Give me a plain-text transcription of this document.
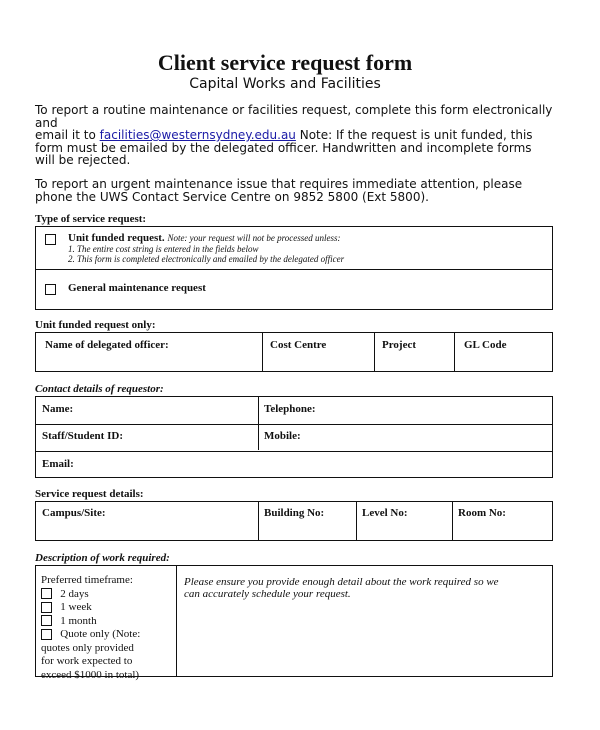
Client service request form
Capital Works and Facilities
To report a routine maintenance or facilities request, complete this form electronically and
email it to facilities@westernsydney.edu.au Note: If the request is unit funded, this form must be emailed by the delegated officer. Handwritten and incomplete forms will be rejected.
To report an urgent maintenance issue that requires immediate attention, please phone the UWS Contact Service Centre on 9852 5800 (Ext 5800).
Type of service request:
Unit funded request. Note: your request will not be processed unless:
1. The entire cost string is entered in the fields below
2. This form is completed electronically and emailed by the delegated officer
General maintenance request
Unit funded request only:
Name of delegated officer:	Cost Centre	Project	GL Code
Contact details of requestor:
Name:	Telephone:
Staff/Student ID:	Mobile:
Email:
Service request details:
Campus/Site:	Building No:	Level No:	Room No:
Description of work required:
Preferred timeframe:
2 days
1 week
1 month
Quote only (Note:
quotes only provided
for work expected to
exceed $1000 in total)
Please ensure you provide enough detail about the work required so we can accurately schedule your request.
